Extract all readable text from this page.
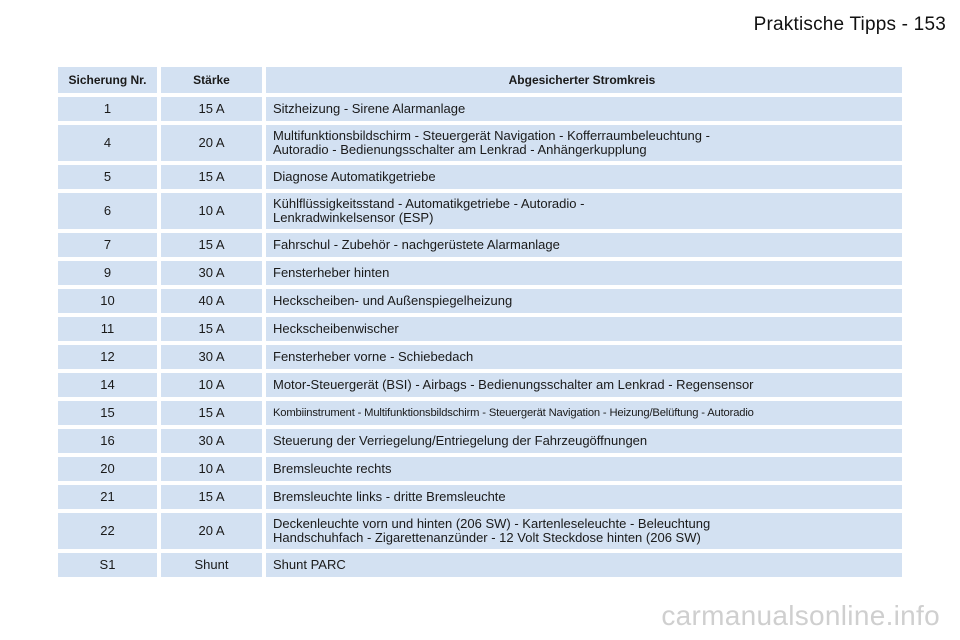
Praktische Tipps - 153
Sicherung Nr.	Stärke	Abgesicherter Stromkreis
1	15 A	Sitzheizung - Sirene Alarmanlage
4	20 A	Multifunktionsbildschirm - Steuergerät Navigation - Kofferraumbeleuchtung -
Autoradio - Bedienungsschalter am Lenkrad - Anhängerkupplung
5	15 A	Diagnose Automatikgetriebe
6	10 A	Kühlflüssigkeitsstand - Automatikgetriebe - Autoradio -
Lenkradwinkelsensor (ESP)
7	15 A	Fahrschul - Zubehör - nachgerüstete Alarmanlage
9	30 A	Fensterheber hinten
10	40 A	Heckscheiben- und Außenspiegelheizung
11	15 A	Heckscheibenwischer
12	30 A	Fensterheber vorne - Schiebedach
14	10 A	Motor-Steuergerät (BSI) - Airbags - Bedienungsschalter am Lenkrad - Regensensor
15	15 A	Kombiinstrument - Multifunktionsbildschirm - Steuergerät Navigation - Heizung/Belüftung - Autoradio
16	30 A	Steuerung der Verriegelung/Entriegelung der Fahrzeugöffnungen
20	10 A	Bremsleuchte rechts
21	15 A	Bremsleuchte links - dritte Bremsleuchte
22	20 A	Deckenleuchte vorn und hinten (206 SW) - Kartenleseleuchte - Beleuchtung
Handschuhfach - Zigarettenanzünder - 12 Volt Steckdose hinten (206 SW)
S1	Shunt	Shunt PARC
carmanualsonline.info
